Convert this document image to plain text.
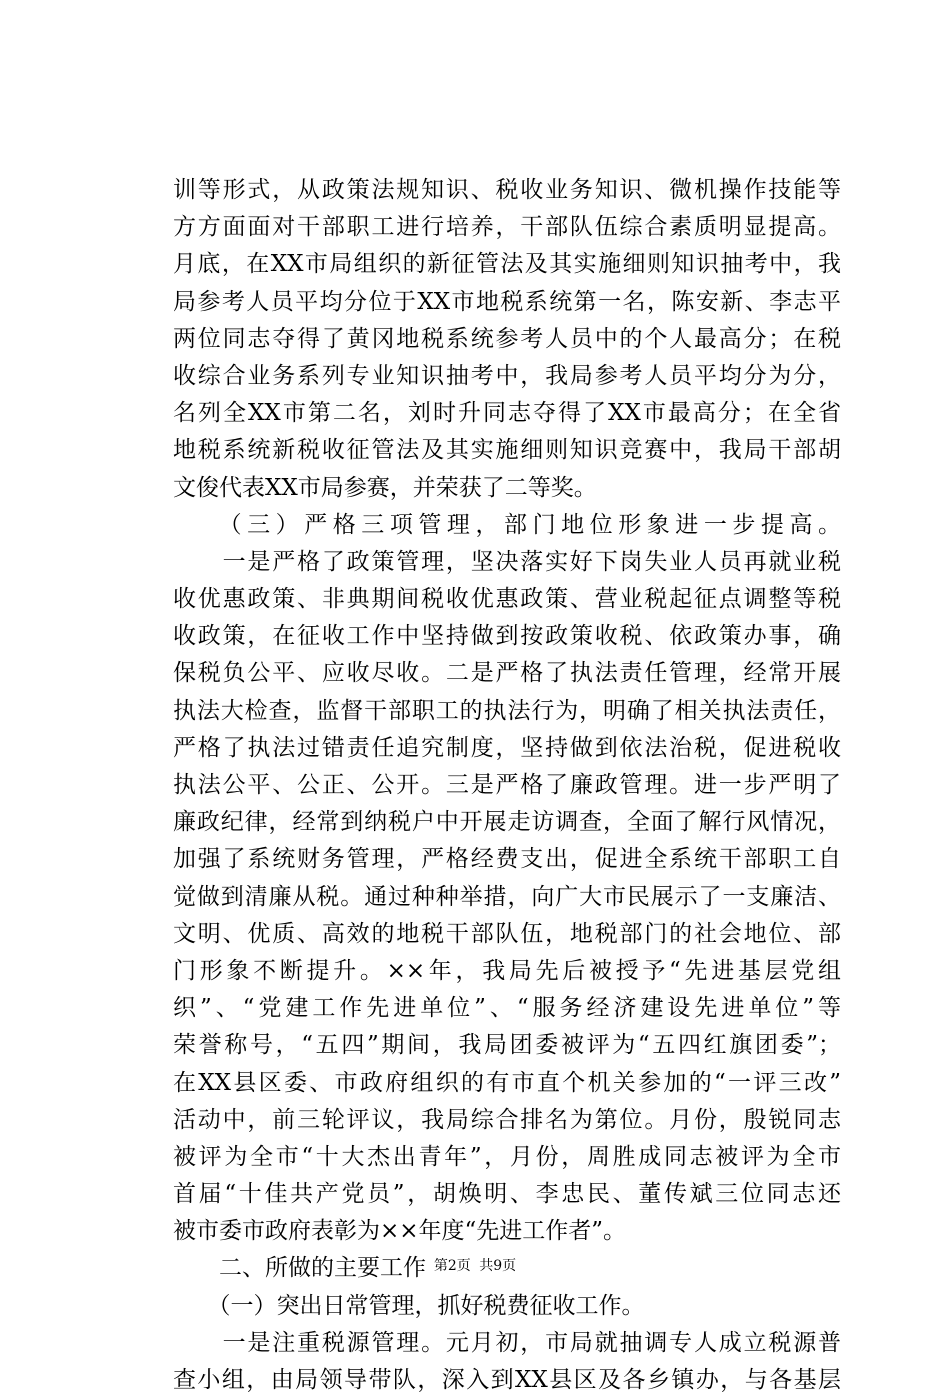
训等形式，从政策法规知识、税收业务知识、微机操作技能等
方方面面对干部职工进行培养，干部队伍综合素质明显提高。
月底，在XX市局组织的新征管法及其实施细则知识抽考中，我
局参考人员平均分位于XX市地税系统第一名，陈安新、李志平
两位同志夺得了黄冈地税系统参考人员中的个人最高分；在税
收综合业务系列专业知识抽考中，我局参考人员平均分为分，
名列全XX市第二名，刘时升同志夺得了XX市最高分；在全省
地税系统新税收征管法及其实施细则知识竞赛中，我局干部胡
文俊代表XX市局参赛，并荣获了二等奖。
　　（三）严格三项管理，部门地位形象进一步提高。
　　一是严格了政策管理，坚决落实好下岗失业人员再就业税
收优惠政策、非典期间税收优惠政策、营业税起征点调整等税
收政策，在征收工作中坚持做到按政策收税、依政策办事，确
保税负公平、应收尽收。二是严格了执法责任管理，经常开展
执法大检查，监督干部职工的执法行为，明确了相关执法责任，
严格了执法过错责任追究制度，坚持做到依法治税，促进税收
执法公平、公正、公开。三是严格了廉政管理。进一步严明了
廉政纪律，经常到纳税户中开展走访调查，全面了解行风情况，
加强了系统财务管理，严格经费支出，促进全系统干部职工自
觉做到清廉从税。通过种种举措，向广大市民展示了一支廉洁、
文明、优质、高效的地税干部队伍，地税部门的社会地位、部
门形象不断提升。××年，我局先后被授予“先进基层党组
织”、“党建工作先进单位”、“服务经济建设先进单位”等
荣誉称号，“五四”期间，我局团委被评为“五四红旗团委”；
在XX县区委、市政府组织的有市直个机关参加的“一评三改”
活动中，前三轮评议，我局综合排名为第位。月份，殷锐同志
被评为全市“十大杰出青年”，月份，周胜成同志被评为全市
首届“十佳共产党员”，胡焕明、李忠民、董传斌三位同志还
被市委市政府表彰为××年度“先进工作者”。
　　二、所做的主要工作
　　（一）突出日常管理，抓好税费征收工作。
　　一是注重税源管理。元月初，市局就抽调专人成立税源普
查小组，由局领导带队，深入到XX县区及各乡镇办，与各基层
第2页 共9页
